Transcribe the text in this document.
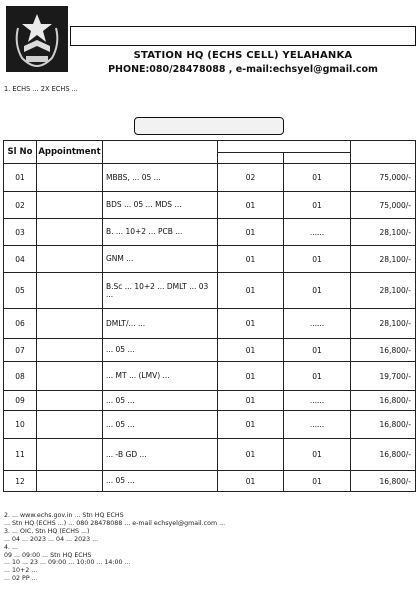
STATION HQ (ECHS CELL) YELAHANKA
PHONE:080/28478088 , e-mail:echsyel@gmail.com
1. ECHS ... 2X ECHS ...
Sl No	Appointment				

01		MBBS, ... 05 ...	02	01	75,000/-
02		BDS ... 05 ... MDS ...	01	01	75,000/-
03		B. ... 10+2 ... PCB ...	01	......	28,100/-
04		GNM ...	01	01	28,100/-
05		B.Sc ... 10+2 ... DMLT ... 03 ...	01	01	28,100/-
06		DMLT/... ...	01	......	28,100/-
07		... 05 ...	01	01	16,800/-
08		... MT ... (LMV) ...	01	01	19,700/-
09		... 05 ...	01	......	16,800/-
10		... 05 ...	01	......	16,800/-
11		... -B GD ...	01	01	16,800/-
12		... 05 ...	01	01	16,800/-
2. ... www.echs.gov.in ... Stn HQ ECHS
... Stn HQ (ECHS ...) ... 080 28478088 ... e-mail echsyel@gmail.com ...
3. ... OIC, Stn HQ (ECHS ...)
... 04 ... 2023 ... 04 ... 2023 ...
4. ...
09 ... 09:00 ... Stn HQ ECHS
... 10 ... 23 ... 09:00 ... 10:00 ... 14:00 ...
... 10+2 ...
... 02 PP ...
